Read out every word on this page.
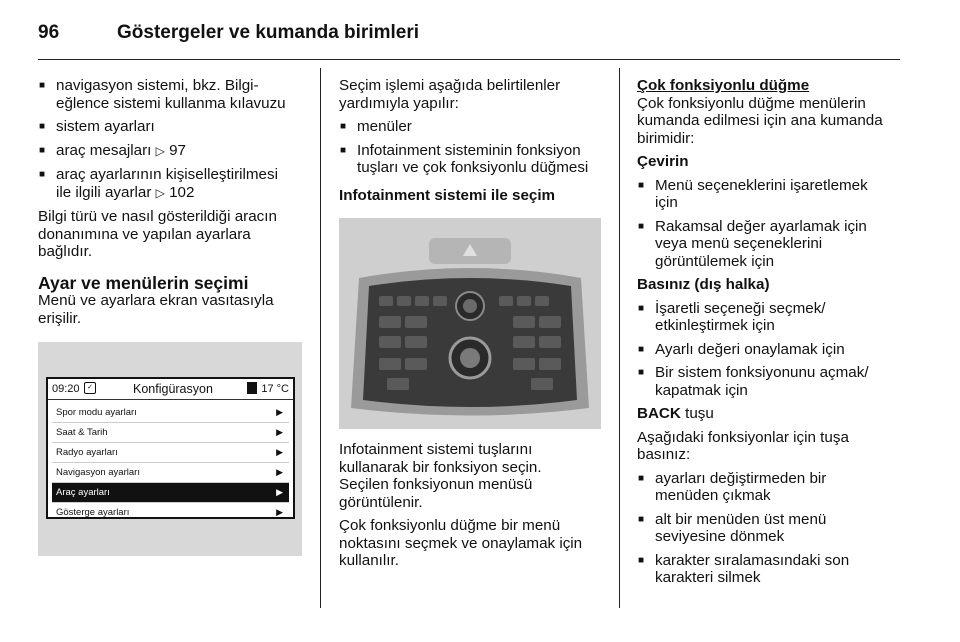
96	Göstergeler ve kumanda birimleri
■ navigasyon sistemi, bkz. Bilgi-
eğlence sistemi kullanma kılavuzu
■ sistem ayarları
■ araç mesajları ▷ 97
■ araç ayarlarının kişiselleştirilmesi
ile ilgili ayarlar ▷ 102

Bilgi türü ve nasıl gösterildiği aracın
donanımına ve yapılan ayarlara
bağlıdır.

Ayar ve menülerin seçimi

Menü ve ayarlara ekran vasıtasıyla
erişilir.

09:20	✓	Konfigürasyon	17 °C
Spor modu ayarları	▶
Saat & Tarih	▶
Radyo ayarları	▶
Navigasyon ayarları	▶
Araç ayarları	▶
Gösterge ayarları	▶

Seçim işlemi aşağıda belirtilenler
yardımıyla yapılır:

■ menüler
■ Infotainment sisteminin fonksiyon
tuşları ve çok fonksiyonlu düğmesi
Infotainment sistemi ile seçim

Infotainment sistemi tuşlarını
kullanarak bir fonksiyon seçin.
Seçilen fonksiyonun menüsü
görüntülenir.

Çok fonksiyonlu düğme bir menü
noktasını seçmek ve onaylamak için
kullanılır.

Çok fonksiyonlu düğme

Çok fonksiyonlu düğme menülerin
kumanda edilmesi için ana kumanda
birimidir:

Çevirin
■ Menü seçeneklerini işaretlemek
için
■ Rakamsal değer ayarlamak için
veya menü seçeneklerini
görüntülemek için
Basınız (dış halka)
■ İşaretli seçeneği seçmek/
etkinleştirmek için
■ Ayarlı değeri onaylamak için
■ Bir sistem fonksiyonunu açmak/
kapatmak için

BACK tuşu

Aşağıdaki fonksiyonlar için tuşa
basınız:

■ ayarları değiştirmeden bir
menüden çıkmak
■ alt bir menüden üst menü
seviyesine dönmek
■ karakter sıralamasındaki son
karakteri silmek
